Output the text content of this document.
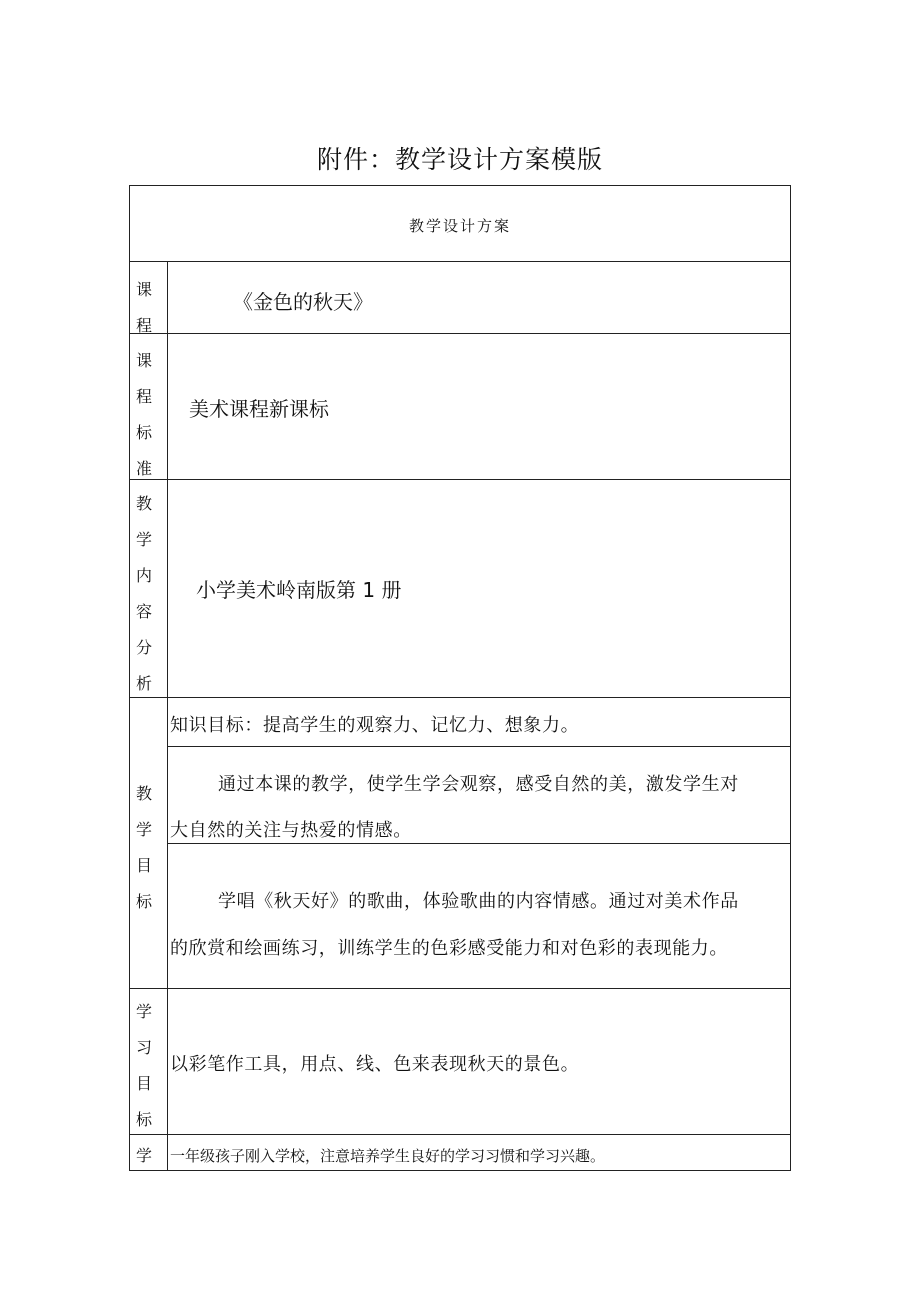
附件：教学设计方案模版
教学设计方案
课程
《金色的秋天》
课程标准
美术课程新课标
教学内容分析
小学美术岭南版第 1 册
教学目标
知识目标：提高学生的观察力、记忆力、想象力。
通过本课的教学，使学生学会观察，感受自然的美，激发学生对
大自然的关注与热爱的情感。
学唱《秋天好》的歌曲，体验歌曲的内容情感。通过对美术作品
的欣赏和绘画练习，训练学生的色彩感受能力和对色彩的表现能力。
学习目标
以彩笔作工具，用点、线、色来表现秋天的景色。
学 一年级孩子刚入学校，注意培养学生良好的学习习惯和学习兴趣。
